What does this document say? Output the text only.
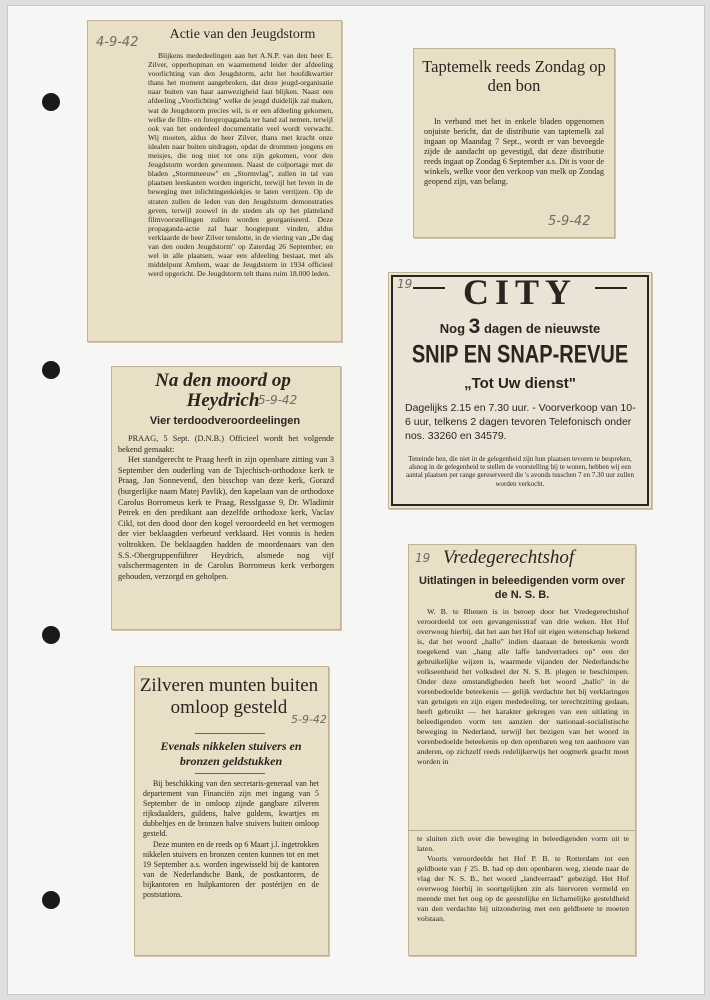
4-9-42
Actie van den Jeugdstorm

Blijkens mededeelingen aan het A.N.P. van den heer E. Zilver, opperhopman en waarnemend leider der afdeeling voorlichting van den Jeugdstorm, acht het hoofdkwartier thans het moment aangebroken, dat deze jeugd-organisatie naar buiten van haar aanwezigheid laat blijken. Naast een afdeeling „Voorlichting" welke de jeugd duidelijk zal maken, wat de Jeugdstorm precies wil, is er een afdeeling gekomen, welke de film- en fotopropaganda ter hand zal nemen, terwijl ook van het onderdeel documentatie veel wordt verwacht. Wij moeten, aldus de heer Zilver, thans met kracht onze idealen naar buiten uitdragen, opdat de drommen jongens en meisjes, die nog niet tot ons zijn gekomen, voor den Jeugdstorm worden gewonnen. Naast de colportage met de bladen „Stormmeeuw" en „Stormvlag", zullen in tal van plaatsen leeskasten worden ingericht, terwijl het leven in de beweging met inlichtingenkiekjes te laten verrijzen. Op de straten zullen de leden van den Jeugdstorm demonstraties geven, terwijl zoowel in de steden als op het platteland filmvoorstellingen zullen worden georganiseerd. Deze propaganda-actie zal haar hoogtepunt vinden, aldus verklaarde de heer Zilver tenslotte, in de viering van „De dag van den ouden Jeugdstorm" op Zaterdag 26 September, en wel in alle plaatsen, waar een afdeeling bestaat, met als middelpunt Arnhem, waar de Jeugdstorm in 1934 officieel werd opgericht. De Jeugdstorm telt thans ruim 18.000 leden.

Taptemelk reeds Zondag op den bon

In verband met het in enkele bladen opgenomen onjuiste bericht, dat de distributie van taptemelk zal ingaan op Maandag 7 Sept., wordt er van bevoegde zijde de aandacht op gevestigd, dat deze distributie reeds ingaat op Zondag 6 September a.s. Dit is voor de winkels, welke voor den verkoop van melk op Zondag geopend zijn, van belang.

5-9-42
Na den moord op Heydrich
5-9-42
Vier terdoodveroordeelingen

PRAAG, 5 Sept. (D.N.B.) Officieel wordt het volgende bekend gemaakt:

Het standgerecht te Praag heeft in zijn openbare zitting van 3 September den ouderling van de Tsjechisch-orthodoxe kerk te Praag, Jan Sonnevend, den bisschop van deze kerk, Gorazd (burgerlijke naam Matej Pavlik), den kapelaan van de orthodoxe Carolus Borromeus kerk te Praag, Resslgasse 9, Dr. Wladimir Petrek en den predikant aan dezelfde orthodoxe kerk, Vaclav Cikl, tot den dood door den kogel veroordeeld en het vermogen der vier beklaagden verbeurd verklaard. Het vonnis is heden voltrokken. De beklaagden hadden de moordenaars van den S.S.-Obergruppenführer Heydrich, alsmede nog vijf valschermagenten in de Carolus Borromeus kerk verborgen gehouden, verzorgd en geholpen.

19	CITY
Nog 3 dagen de nieuwste
SNIP EN SNAP-REVUE
„Tot Uw dienst"
Dagelijks 2.15 en 7.30 uur. - Voorverkoop van 10-6 uur, telkens 2 dagen tevoren Telefonisch onder nos. 33260 en 34579.
Teneinde hen, die niet in de gelegenheid zijn hun plaatsen tevoren te bespreken, alsnog in de gelegenheid te stellen de voorstelling bij te wonen, hebben wij een aantal plaatsen per range gereserveerd die 's avonds tusschen 7 en 7.30 uur zullen worden verkocht.
Zilveren munten buiten omloop gesteld
5-9-42
Evenals nikkelen stuivers en bronzen geldstukken

Bij beschikking van den secretaris-generaal van het departement van Financiën zijn met ingang van 5 September de in omloop zijnde gangbare zilveren rijksdaalders, guldens, halve guldens, kwartjes en dubbeltjes en de bronzen halve stuivers buiten omloop gesteld.

Deze munten en de reeds op 6 Maart j.l. ingetrokken nikkelen stuivers en bronzen centen kunnen tot en met 19 September a.s. worden ingewisseld bij de kantoren van de Nederlandsche Bank, de postkantoren, de bijkantoren en hulpkantoren der postérijen en de poststations.

19 Vredegerechtshof
Uitlatingen in beleedigenden vorm over de N. S. B.

W. B. te Rhenen is in beroep door het Vredegerechtshof veroordeeld tot een gevangenisstraf van drie weken. Het Hof overwoog hierbij, dat het aan het Hof uit eigen wetenschap bekend is, dat het woord „hallo" indien daaraan de beteekenis wordt toegekend van „hang alle laffe landverraders op" een der gebruikelijke wijzen is, waarmede vijanden der Nederlandsche volkseenheid het volksdeel der N. S. B. plegen te beschimpen. Onder deze omstandigheden heeft het woord „hallo" in de vorenbedoelde beteekenis — gelijk verdachte het bij verklaringen van getuigen en zijn eigen mededeeling, ter terechtzitting gedaan, heeft gebruikt — het karakter gekregen van een uitlating in beleedigenden vorm ten aanzien der nationaal-socialistische beweging in Nederland, terwijl het bezigen van het woord in vorenbedoelde beteekenis op den openbaren weg ten aanhoore van anderen, op zichzelf reeds redelijkerwijs het oogmerk geacht moet worden in

te sluiten zich over die beweging in beleedigenden vorm uit te laten.

Voorts veroordeelde het Hof P. B. te Rotterdam tot een geldboete van ƒ 25. B. had op den openbaren weg, ziende naar de vlag der N. S. B., het woord „landverraad" gebezigd. Het Hof overwoog hierbij in soortgelijken zin als hiervoren vermeld en meende met het oog op de geestelijke en lichamelijke gesteldheid van den verdachte bij uitzondering met een geldboete te moeten volstaan.
